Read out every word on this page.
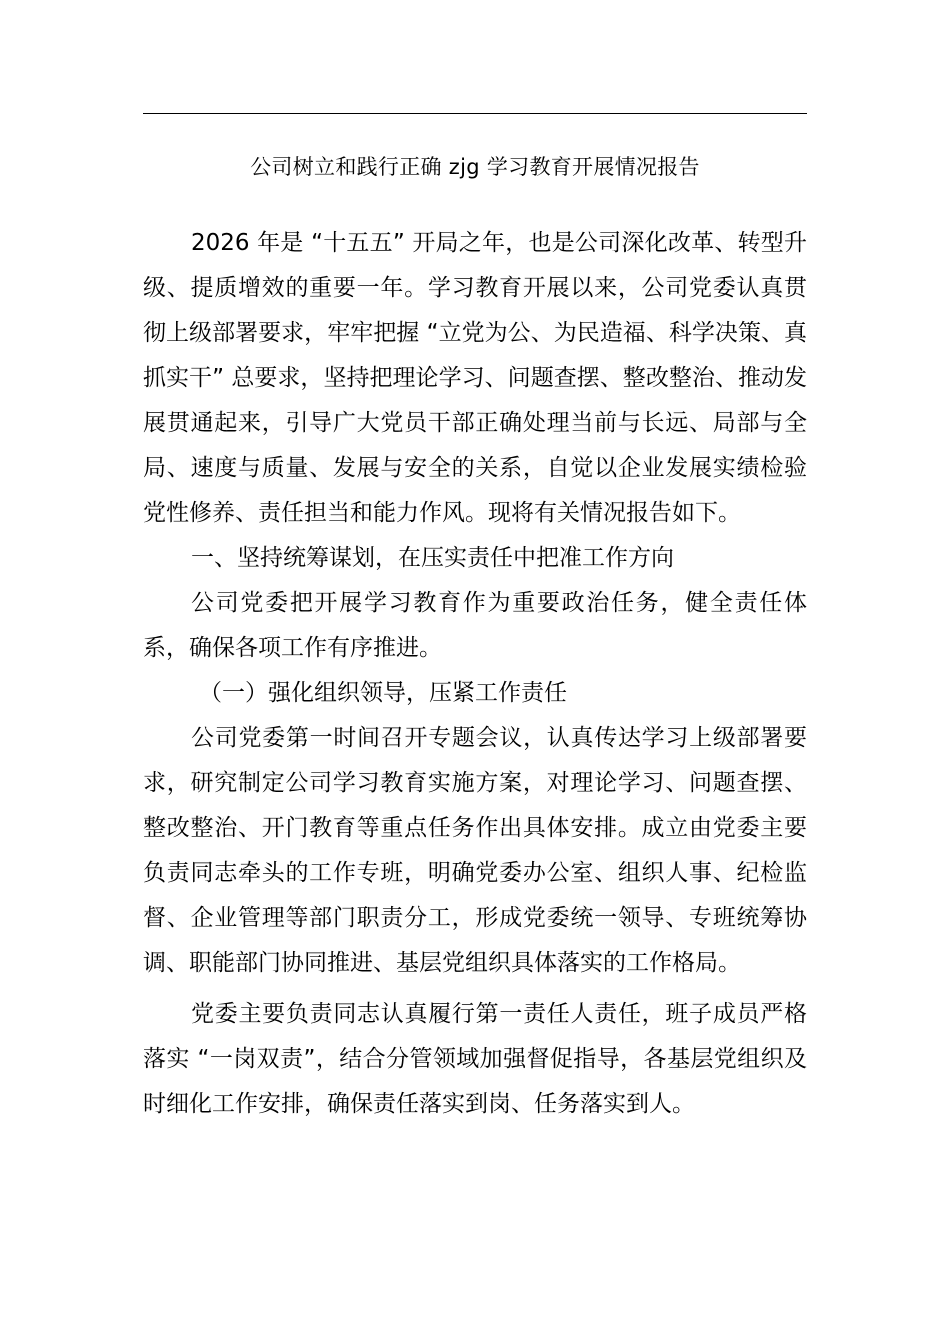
公司树立和践行正确 zjg 学习教育开展情况报告

2026 年是 “十五五” 开局之年，也是公司深化改革、转型升级、提质增效的重要一年。学习教育开展以来，公司党委认真贯彻上级部署要求，牢牢把握 “立党为公、为民造福、科学决策、真抓实干” 总要求，坚持把理论学习、问题查摆、整改整治、推动发展贯通起来，引导广大党员干部正确处理当前与长远、局部与全局、速度与质量、发展与安全的关系，自觉以企业发展实绩检验党性修养、责任担当和能力作风。现将有关情况报告如下。

一、坚持统筹谋划，在压实责任中把准工作方向

公司党委把开展学习教育作为重要政治任务，健全责任体系，确保各项工作有序推进。

（一）强化组织领导，压紧工作责任

公司党委第一时间召开专题会议，认真传达学习上级部署要求，研究制定公司学习教育实施方案，对理论学习、问题查摆、整改整治、开门教育等重点任务作出具体安排。成立由党委主要负责同志牵头的工作专班，明确党委办公室、组织人事、纪检监督、企业管理等部门职责分工，形成党委统一领导、专班统筹协调、职能部门协同推进、基层党组织具体落实的工作格局。

党委主要负责同志认真履行第一责任人责任，班子成员严格落实 “一岗双责”，结合分管领域加强督促指导，各基层党组织及时细化工作安排，确保责任落实到岗、任务落实到人。
